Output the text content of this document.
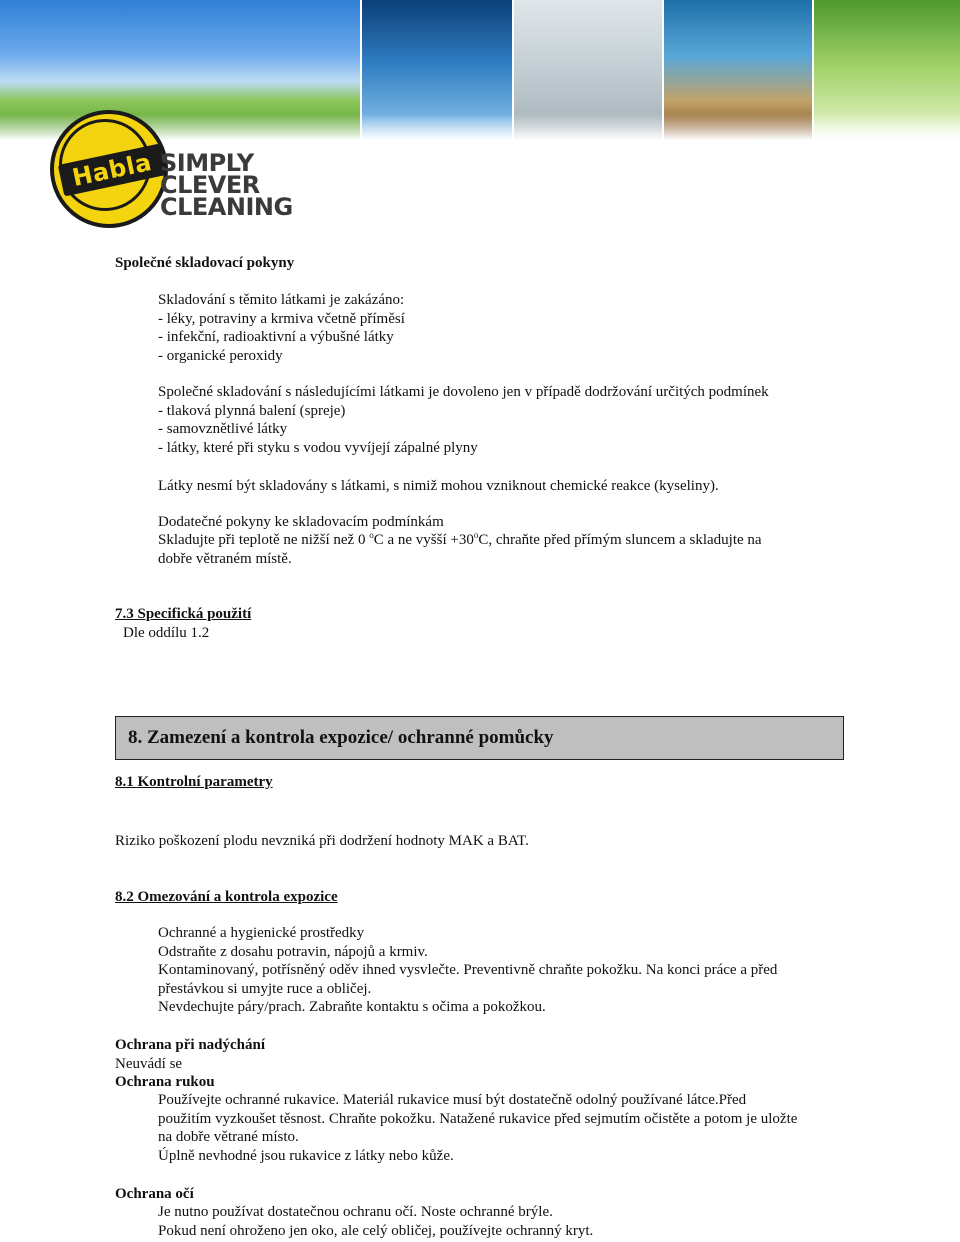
Habla SIMPLY
CLEVER
CLEANING
Společné skladovací pokyny
Skladování s těmito látkami je zakázáno:
- léky, potraviny a krmiva včetně příměsí
- infekční, radioaktivní a výbušné látky
- organické peroxidy
Společné skladování s následujícími látkami je dovoleno jen v případě dodržování určitých podmínek
- tlaková plynná balení (spreje)
- samovznětlivé látky
- látky, které při styku s vodou vyvíjejí zápalné plyny
Látky nesmí být skladovány s látkami, s nimiž mohou vzniknout chemické reakce (kyseliny).
Dodatečné pokyny ke skladovacím podmínkám
Skladujte při teplotě ne nižší než 0 $^o$C a ne vyšší $+30^oC$, chraňte před přímým sluncem a skladujte na
dobře větraném místě.
7.3 Specifická použití
Dle oddílu 1.2
8. Zamezení a kontrola expozice/ ochranné pomůcky
8.1 Kontrolní parametry
Riziko poškození plodu nevzniká při dodržení hodnoty MAK a BAT.
8.2 Omezování a kontrola expozice
Ochranné a hygienické prostředky
Odstraňte z dosahu potravin, nápojů a krmiv.
Kontaminovaný, potřísněný oděv ihned vysvlečte. Preventivně chraňte pokožku. Na konci práce a před
přestávkou si umyjte ruce a obličej.
Nevdechujte páry/prach. Zabraňte kontaktu s očima a pokožkou.
Ochrana při nadýchání
Neuvádí se
Ochrana rukou
Používejte ochranné rukavice. Materiál rukavice musí být dostatečně odolný používané látce.Před
použitím vyzkoušet těsnost. Chraňte pokožku. Natažené rukavice před sejmutím očistěte a potom je uložte
na dobře větrané místo.
Úplně nevhodné jsou rukavice z látky nebo kůže.
Ochrana očí
Je nutno používat dostatečnou ochranu očí. Noste ochranné brýle.
Pokud není ohroženo jen oko, ale celý obličej, používejte ochranný kryt.
